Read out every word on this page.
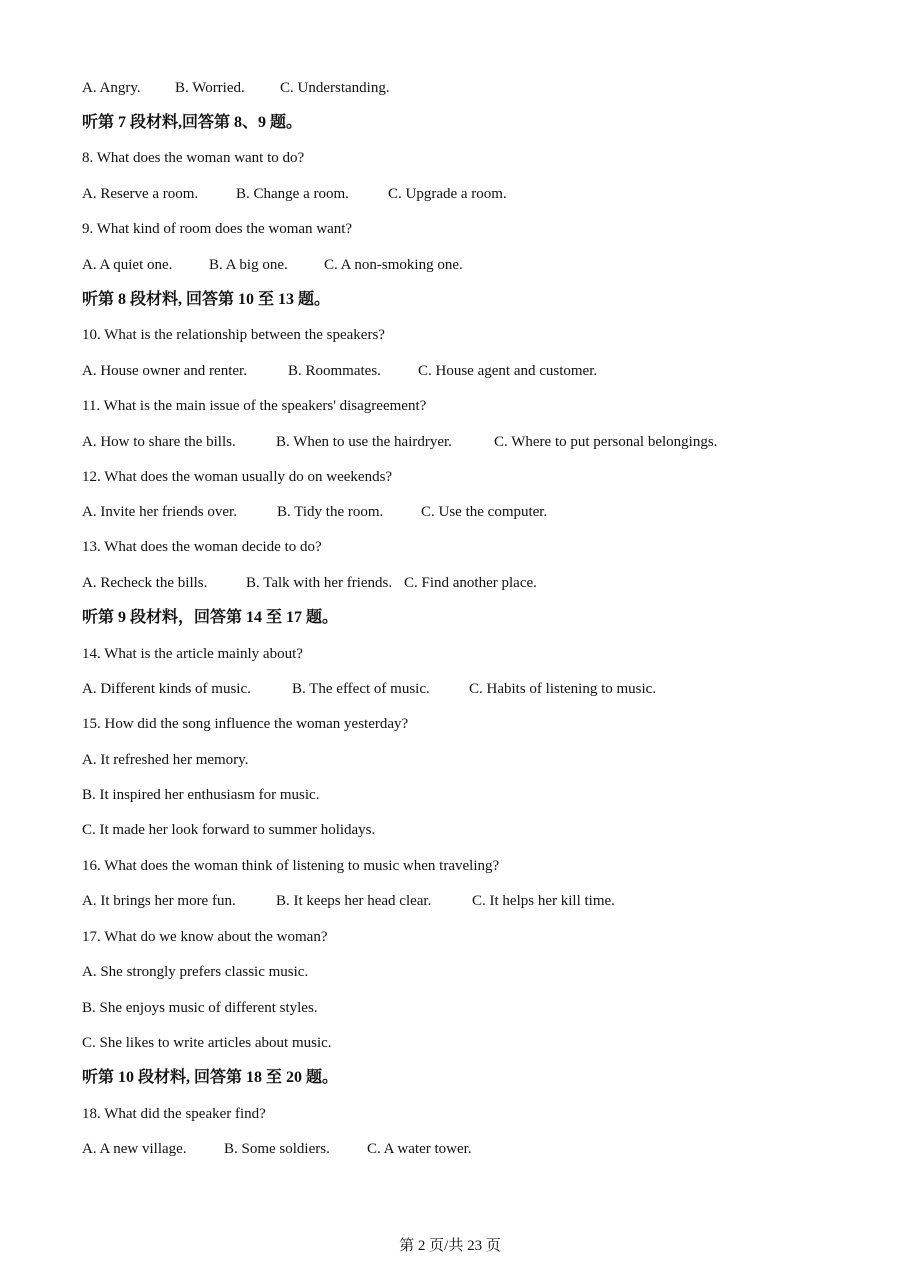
A. Angry. B. Worried. C. Understanding.
听第 7 段材料,回答第 8、9 题。
8. What does the woman want to do?
A. Reserve a room.	B. Change a room.	C. Upgrade a room.
9. What kind of room does the woman want?
A. A quiet one. B. A big one. C. A non-smoking one.
听第 8 段材料, 回答第 10 至 13 题。
10. What is the relationship between the speakers?
A. House owner and renter.	B. Roommates. C. House agent and customer.
11. What is the main issue of the speakers' disagreement?
A. How to share the bills.	B. When to use the hairdryer.	C. Where to put personal belongings.
12. What does the woman usually do on weekends?
A. Invite her friends over.	B. Tidy the room.	C. Use the computer.
13. What does the woman decide to do?
A. Recheck the bills.	B. Talk with her friends. C. Find another place.
听第 9 段材料，回答第 14 至 17 题。
14. What is the article mainly about?
A. Different kinds of music.	B. The effect of music.	C. Habits of listening to music.
15. How did the song influence the woman yesterday?
A. It refreshed her memory.
B. It inspired her enthusiasm for music.
C. It made her look forward to summer holidays.
16. What does the woman think of listening to music when traveling?
A. It brings her more fun.	B. It keeps her head clear.	C. It helps her kill time.
17. What do we know about the woman?
A. She strongly prefers classic music.
B. She enjoys music of different styles.
C. She likes to write articles about music.
听第 10 段材料, 回答第 18 至 20 题。
18. What did the speaker find?
A. A new village. B. Some soldiers. C. A water tower.
第 2 页/共 23 页
